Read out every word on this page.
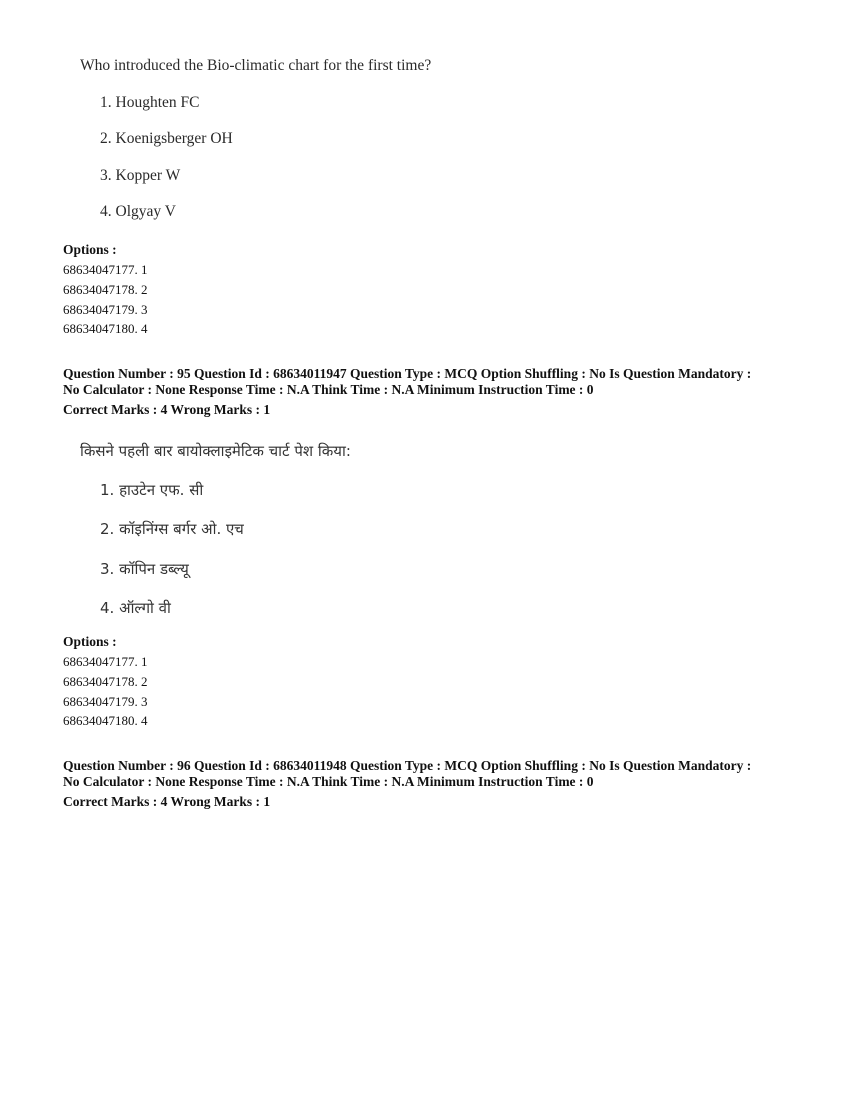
Who introduced the Bio-climatic chart for the first time?

1. Houghten FC
2. Koenigsberger OH
3. Kopper W
4. Olgyay V
Options :
68634047177. 1
68634047178. 2
68634047179. 3
68634047180. 4

Question Number : 95 Question Id : 68634011947 Question Type : MCQ Option Shuffling : No Is Question Mandatory :

No Calculator : None Response Time : N.A Think Time : N.A Minimum Instruction Time : 0

Correct Marks : 4 Wrong Marks : 1

किसने पहली बार बायोक्लाइमेटिक चार्ट पेश किया:

1. हाउटेन एफ. सी
2. कॉइनिंग्स बर्गर ओ. एच
3. कॉपिन डब्ल्यू
4. ऑल्गो वी
Options :
68634047177. 1
68634047178. 2
68634047179. 3
68634047180. 4

Question Number : 96 Question Id : 68634011948 Question Type : MCQ Option Shuffling : No Is Question Mandatory :

No Calculator : None Response Time : N.A Think Time : N.A Minimum Instruction Time : 0

Correct Marks : 4 Wrong Marks : 1
